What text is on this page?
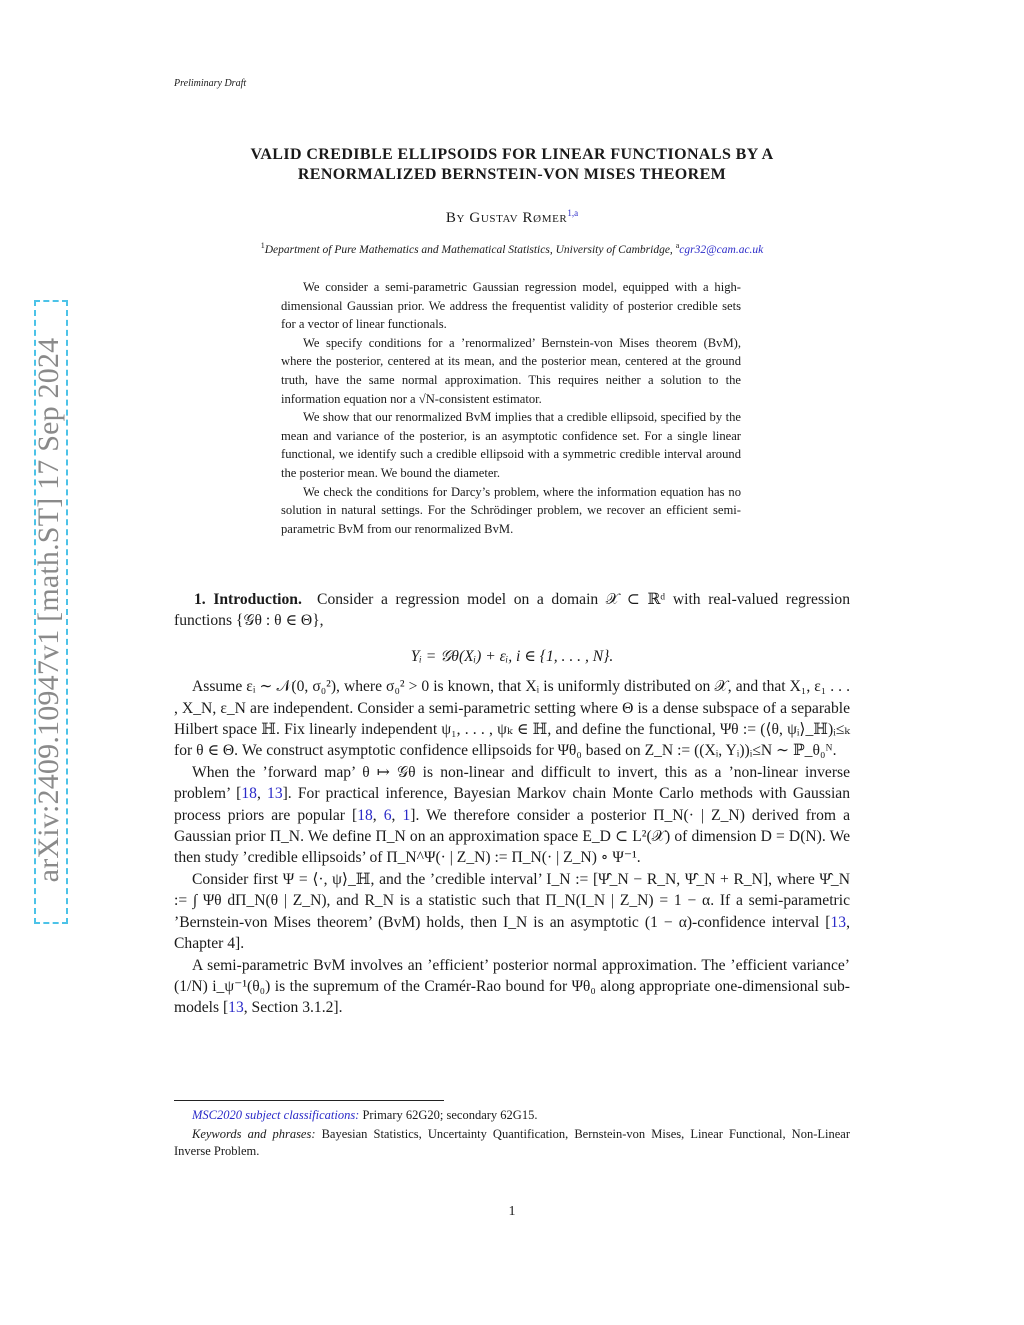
arXiv:2409.10947v1 [math.ST] 17 Sep 2024
Preliminary Draft
VALID CREDIBLE ELLIPSOIDS FOR LINEAR FUNCTIONALS BY A
RENORMALIZED BERNSTEIN-VON MISES THEOREM
By Gustav Rømer$^{1,a}$
$^1$Department of Pure Mathematics and Mathematical Statistics, University of Cambridge, $^a$cgr32@cam.ac.uk

We consider a semi-parametric Gaussian regression model, equipped with a high-dimensional Gaussian prior. We address the frequentist validity of posterior credible sets for a vector of linear functionals.

We specify conditions for a ’renormalized’ Bernstein-von Mises theorem (BvM), where the posterior, centered at its mean, and the posterior mean, centered at the ground truth, have the same normal approximation. This requires neither a solution to the information equation nor a √N-consistent estimator.

We show that our renormalized BvM implies that a credible ellipsoid, specified by the mean and variance of the posterior, is an asymptotic confidence set. For a single linear functional, we identify such a credible ellipsoid with a symmetric credible interval around the posterior mean. We bound the diameter.

We check the conditions for Darcy’s problem, where the information equation has no solution in natural settings. For the Schrödinger problem, we recover an efficient semi-parametric BvM from our renormalized BvM.

1. Introduction. Consider a regression model on a domain 𝒳 ⊂ ℝᵈ with real-valued regression functions {𝒢θ : θ ∈ Θ},

Yᵢ = 𝒢θ(Xᵢ) + εᵢ, i ∈ {1, . . . , N}.

Assume εᵢ ∼ 𝒩(0, σ₀²), where σ₀² > 0 is known, that Xᵢ is uniformly distributed on 𝒳, and that X₁, ε₁ . . . , X_N, ε_N are independent. Consider a semi-parametric setting where Θ is a dense subspace of a separable Hilbert space ℍ. Fix linearly independent ψ₁, . . . , ψₖ ∈ ℍ, and define the functional, Ψθ := (⟨θ, ψᵢ⟩_ℍ)ᵢ≤ₖ for θ ∈ Θ. We construct asymptotic confidence ellipsoids for Ψθ₀ based on Z_N := ((Xᵢ, Yᵢ))ᵢ≤N ∼ ℙ_θ₀ᴺ.

When the ’forward map’ θ ↦ 𝒢θ is non-linear and difficult to invert, this as a ’non-linear inverse problem’ [18, 13]. For practical inference, Bayesian Markov chain Monte Carlo methods with Gaussian process priors are popular [18, 6, 1]. We therefore consider a posterior Π_N(· | Z_N) derived from a Gaussian prior Π_N. We define Π_N on an approximation space E_D ⊂ L²(𝒳) of dimension D = D(N). We then study ’credible ellipsoids’ of Π_N^Ψ(· | Z_N) := Π_N(· | Z_N) ∘ Ψ⁻¹.

Consider first Ψ = ⟨·, ψ⟩_ℍ, and the ’credible interval’ I_N := [Ψ̂_N − R_N, Ψ̂_N + R_N], where Ψ̂_N := ∫ Ψθ dΠ_N(θ | Z_N), and R_N is a statistic such that Π_N(I_N | Z_N) = 1 − α. If a semi-parametric ’Bernstein-von Mises theorem’ (BvM) holds, then I_N is an asymptotic (1 − α)-confidence interval [13, Chapter 4].

A semi-parametric BvM involves an ’efficient’ posterior normal approximation. The ’efficient variance’ (1/N) i_ψ⁻¹(θ₀) is the supremum of the Cramér-Rao bound for Ψθ₀ along appropriate one-dimensional sub-models [13, Section 3.1.2].

MSC2020 subject classifications: Primary 62G20; secondary 62G15.

Keywords and phrases: Bayesian Statistics, Uncertainty Quantification, Bernstein-von Mises, Linear Functional, Non-Linear Inverse Problem.

1
